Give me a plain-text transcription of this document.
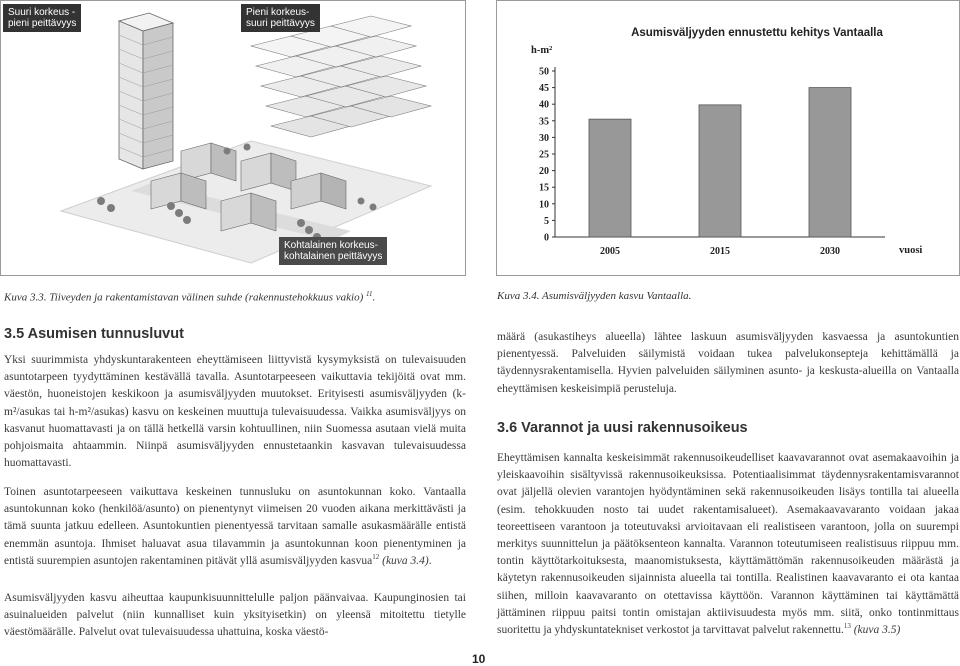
Suuri korkeus -
pieni peittävyys
Pieni korkeus-
suuri peittävyys
Kohtalainen korkeus-
kohtalainen peittävyys
Asumisväljyyden ennustettu kehitys Vantaalla
h-m²
vuosi
50
45
40
35
30
25
20
15
10
5
0
2005	2015	2030
Kuva 3.3. Tiiveyden ja rakentamistavan välinen suhde (rakennustehokkuus vakio) $^{11}$.	Kuva 3.4. Asumisväljyyden kasvu Vantaalla.
3.5 Asumisen tunnusluvut
Yksi suurimmista yhdyskuntarakenteen eheyttämiseen liittyvistä kysymyksistä on tulevaisuuden asuntotarpeen tyydyttäminen kestävällä tavalla. Asuntotarpeeseen vaikuttavia tekijöitä ovat mm. väestön, huoneistojen keskikoon ja asumisväljyyden muutokset. Erityisesti asumisväljyyden (k-m²/asukas tai h-m²/asukas) kasvu on keskeinen muuttuja tulevaisuudessa. Vaikka asumisväljyys on kasvanut huomattavasti ja on tällä hetkellä varsin kohtuullinen, niin Suomessa asutaan vielä muita pohjoismaita ahtaammin. Niinpä asumisväljyyden ennustetaankin kasvavan tulevaisuudessa huomattavasti.
Toinen asuntotarpeeseen vaikuttava keskeinen tunnusluku on asuntokunnan koko. Vantaalla asuntokunnan koko (henkilöä/asunto) on pienentynyt viimeisen 20 vuoden aikana merkittävästi ja tämä suunta jatkuu edelleen. Asuntokuntien pienentyessä tarvitaan samalle asukasmäärälle entistä enemmän asuntoja. Ihmiset haluavat asua tilavammin ja asuntokunnan koon pienentyminen ja entistä suurempien asuntojen rakentaminen pitävät yllä asumisväljyyden kasvua$^{12}$ (kuva 3.4).
Asumisväljyyden kasvu aiheuttaa kaupunkisuunnittelulle paljon päänvaivaa. Kaupunginosien tai asuinalueiden palvelut (niin kunnalliset kuin yksityisetkin) on yleensä mitoitettu tietylle väestömäärälle. Palvelut ovat tulevaisuudessa uhattuina, koska väestö-
määrä (asukastiheys alueella) lähtee laskuun asumisväljyyden kasvaessa ja asuntokuntien pienentyessä. Palveluiden säilymistä voidaan tukea palvelukonsepteja kehittämällä ja täydennysrakentamisella. Hyvien palveluiden säilyminen asunto- ja keskusta-alueilla on Vantaalla eheyttämisen keskeisimpiä perusteluja.
3.6 Varannot ja uusi rakennusoikeus
Eheyttämisen kannalta keskeisimmät rakennusoikeudelliset kaavavarannot ovat asemakaavoihin ja yleiskaavoihin sisältyvissä rakennusoikeuksissa. Potentiaalisimmat täydennysrakentamisvarannot ovat jäljellä olevien varantojen hyödyntäminen sekä rakennusoikeuden lisäys tontilla tai alueella (esim. tehokkuuden nosto tai uudet rakentamisalueet). Asemakaavavaranto voidaan jakaa teoreettiseen varantoon ja toteutuvaksi arvioitavaan eli realistiseen varantoon, jolla on suurempi merkitys suunnittelun ja päätöksenteon kannalta. Varannon toteutumiseen realistisuus riippuu mm. tontin käyttötarkoituksesta, maanomistuksesta, käyttämättömän rakennusoikeuden määrästä ja käytetyn rakennusoikeuden sijainnista alueella tai tontilla. Realistinen kaavavaranto ei ota kantaa siihen, milloin kaavavaranto on otettavissa käyttöön. Varannon käyttäminen tai käyttämättä jättäminen riippuu paitsi tontin omistajan aktiivisuudesta myös mm. siitä, onko tontinmittaus suoritettu ja yhdyskuntatekniset verkostot ja tarvittavat palvelut rakennettu.$^{13}$ (kuva 3.5)
10
